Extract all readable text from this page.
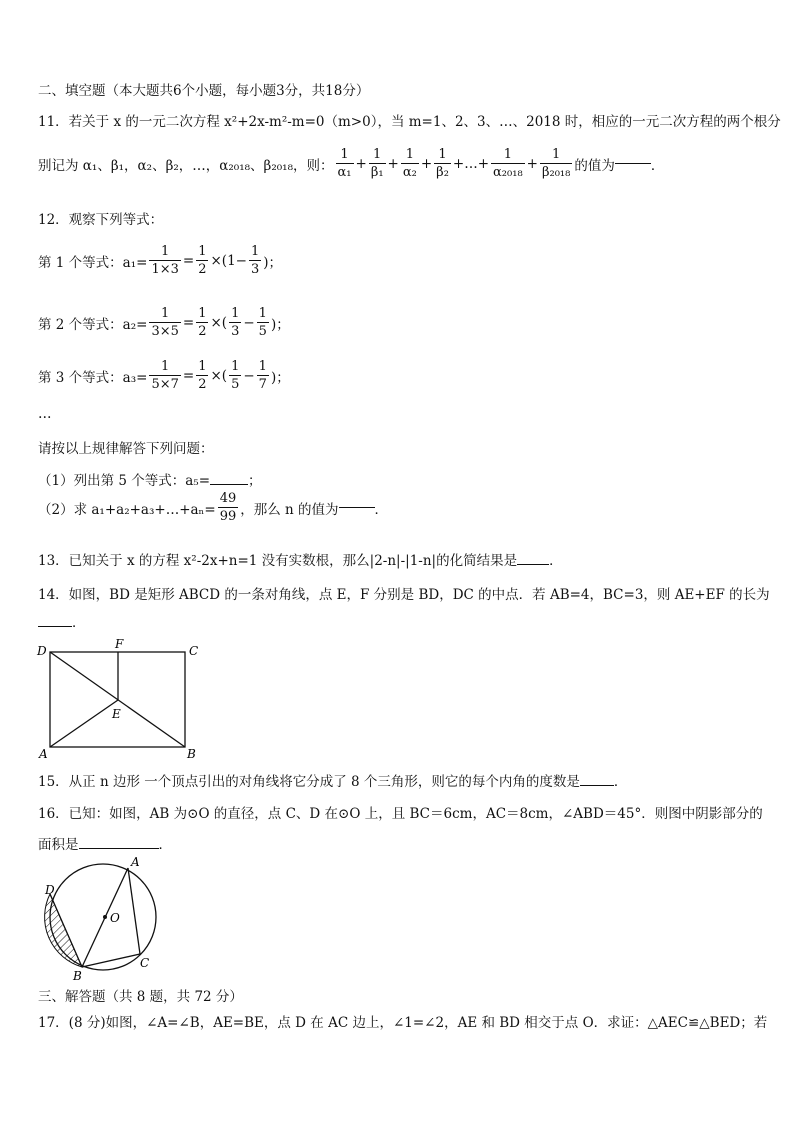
二、填空题（本大题共6个小题，每小题3分，共18分）
11．若关于 x 的一元二次方程 x²+2x-m²-m=0（m>0），当 m=1、2、3、…、2018 时，相应的一元二次方程的两个根分
别记为 α₁、β₁，α₂、β₂，…，α₂₀₁₈、β₂₀₁₈，则： $\frac{1}{\text{α₁}} + \frac{1}{\text{β₁}} + \frac{1}{\text{α₂}} + \frac{1}{\text{β₂}}$ +…+ $\frac{1}{\text{α₂₀₁₈}} + \frac{1}{\text{β₂₀₁₈}}$ 的值为	．
12．观察下列等式：
第 1 个等式：$a_1= \frac{1}{1\times 3} = \frac{1}{2} \times(1- \frac{1}{3}$ )；
第 2 个等式：$a_2= \frac{1}{3\times 5} = \frac{1}{2}$ ×( $\frac{1}{3} - \frac{1}{5}$ )；
第 3 个等式：$a_3= \frac{1}{5\times 7} = \frac{1}{2}$ ×( $\frac{1}{5} - \frac{1}{7}$ )；
…
请按以上规律解答下列问题：
（1）列出第 5 个等式：a₅=	；
（2）求 a₁+a₂+a₃+…+aₙ= $\frac{49}{99}$ ，那么 n 的值为	．
13．已知关于 x 的方程 x²-2x+n=1 没有实数根，那么|2-n|-|1-n|的化简结果是 ．
14．如图，BD 是矩形 ABCD 的一条对角线，点 E，F 分别是 BD，DC 的中点．若 AB=4，BC=3，则 AE+EF 的长为
．
D	F	C
E
A	B
15．从正 n 边形 一个顶点引出的对角线将它分成了 8 个三角形，则它的每个内角的度数是	．
16．已知：如图，AB 为⊙O 的直径，点 C、D 在⊙O 上，且 BC＝6cm，AC＝8cm，∠ABD＝45°．则图中阴影部分的
面积是	．
A
D
O
C
B
三、解答题（共 8 题，共 72 分）
17．(8 分)如图，∠A=∠B，AE=BE，点 D 在 AC 边上，∠1=∠2，AE 和 BD 相交于点 O．求证：△AEC≌△BED；若
